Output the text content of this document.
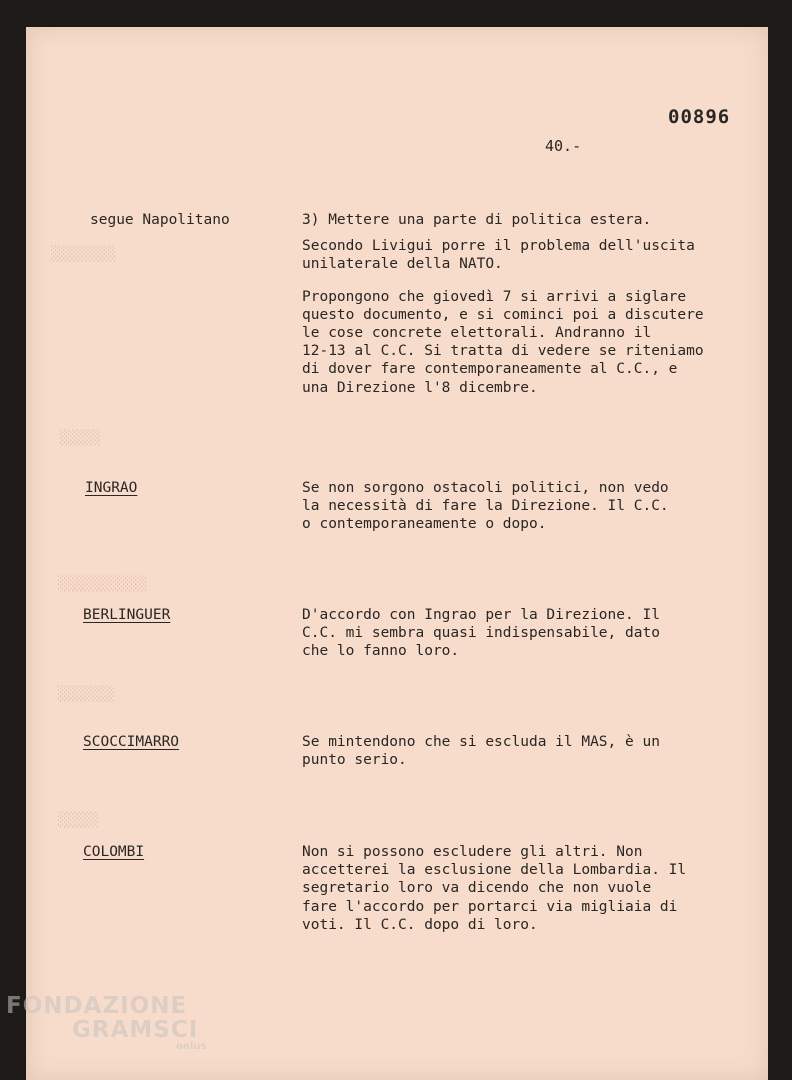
░░░░░░░░
░░░░░
░░░░░░░░░░░
░░░░░░░
░░░░░
00896
40.-
segue Napolitano	3) Mettere una parte di politica estera.
Secondo Livigui porre il problema dell'uscita
unilaterale della NATO.
Propongono che giovedì 7 si arrivi a siglare
questo documento, e si cominci poi a discutere
le cose concrete elettorali. Andranno il
12-13 al C.C. Si tratta di vedere se riteniamo
di dover fare contemporaneamente al C.C., e
una Direzione l'8 dicembre.
INGRAO	Se non sorgono ostacoli politici, non vedo
la necessità di fare la Direzione. Il C.C.
o contemporaneamente o dopo.
BERLINGUER	D'accordo con Ingrao per la Direzione. Il
C.C. mi sembra quasi indispensabile, dato
che lo fanno loro.
SCOCCIMARRO	Se mintendono che si escluda il MAS, è un
punto serio.
COLOMBI	Non si possono escludere gli altri. Non
accetterei la esclusione della Lombardia. Il
segretario loro va dicendo che non vuole
fare l'accordo per portarci via migliaia di
voti. Il C.C. dopo di loro.
FONDAZIONE
GRAMSCI
onlus
